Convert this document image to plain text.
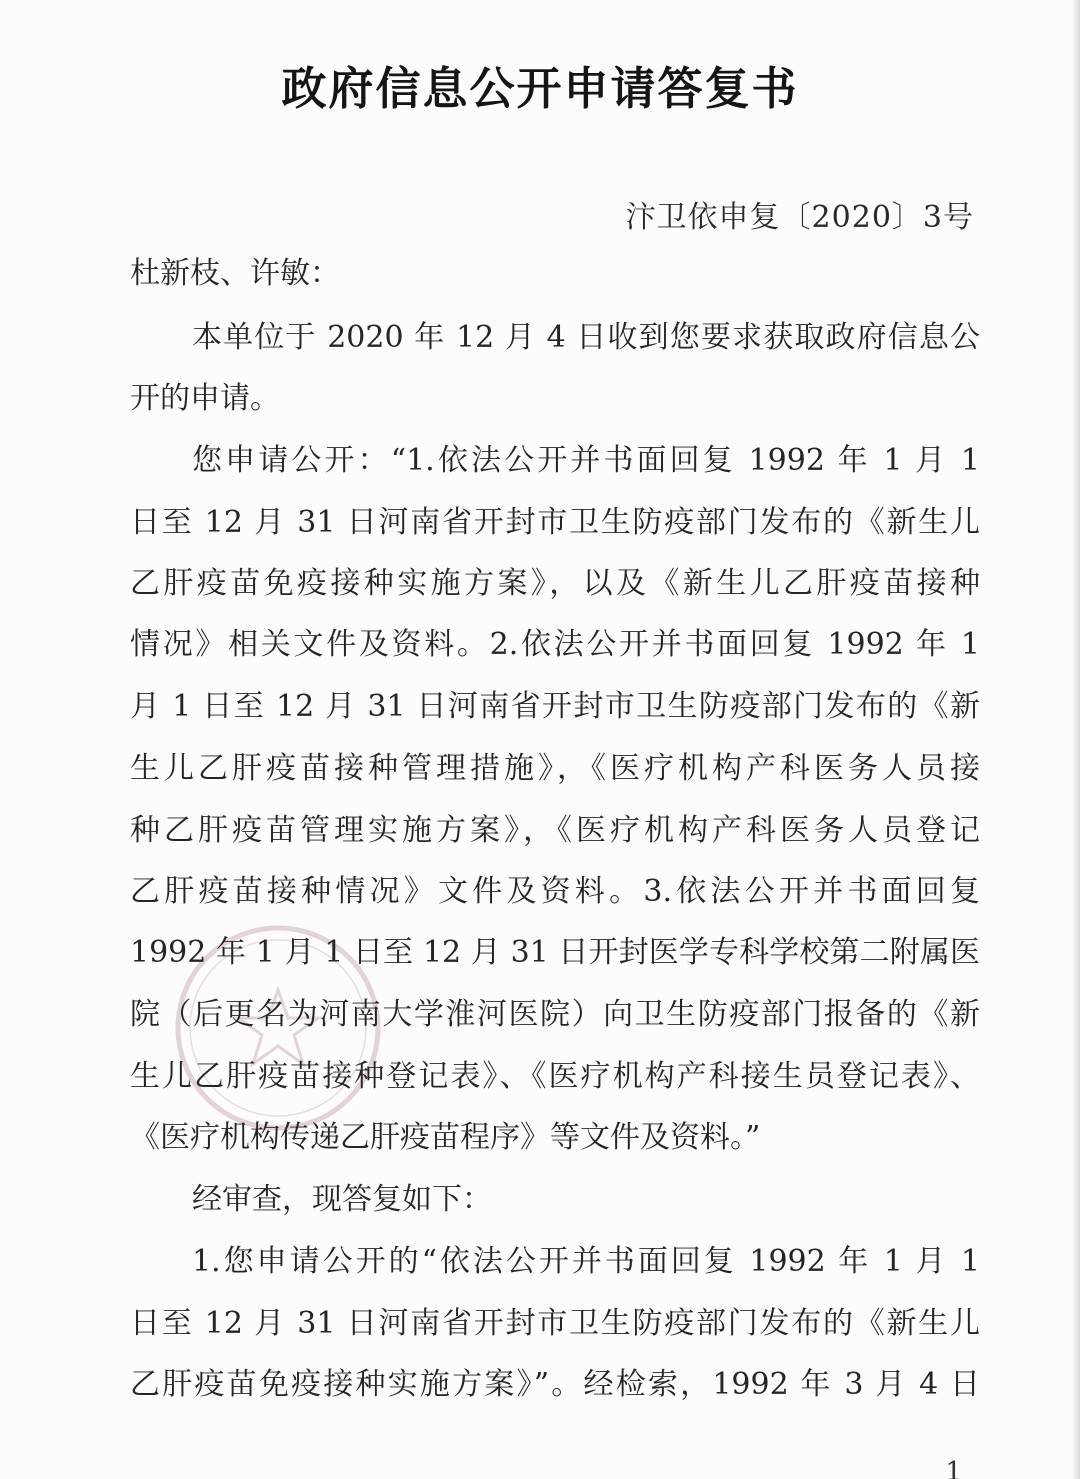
政府信息公开申请答复书
汴卫依申复〔2020〕3号
杜新枝、许敏：
本单位于 2020 年 12 月 4 日收到您要求获取政府信息公
开的申请。
您申请公开：“1.依法公开并书面回复 1992 年 1 月 1
日至 12 月 31 日河南省开封市卫生防疫部门发布的《新生儿
乙肝疫苗免疫接种实施方案》，以及《新生儿乙肝疫苗接种
情况》相关文件及资料。2.依法公开并书面回复 1992 年 1
月 1 日至 12 月 31 日河南省开封市卫生防疫部门发布的《新
生儿乙肝疫苗接种管理措施》，《医疗机构产科医务人员接
种乙肝疫苗管理实施方案》，《医疗机构产科医务人员登记
乙肝疫苗接种情况》文件及资料。3.依法公开并书面回复
1992 年 1 月 1 日至 12 月 31 日开封医学专科学校第二附属医
院（后更名为河南大学淮河医院）向卫生防疫部门报备的《新
生儿乙肝疫苗接种登记表》、《医疗机构产科接生员登记表》、
《医疗机构传递乙肝疫苗程序》等文件及资料。”
经审查，现答复如下：
1.您申请公开的“依法公开并书面回复 1992 年 1 月 1
日至 12 月 31 日河南省开封市卫生防疫部门发布的《新生儿
乙肝疫苗免疫接种实施方案》”。经检索，1992 年 3 月 4 日
1
